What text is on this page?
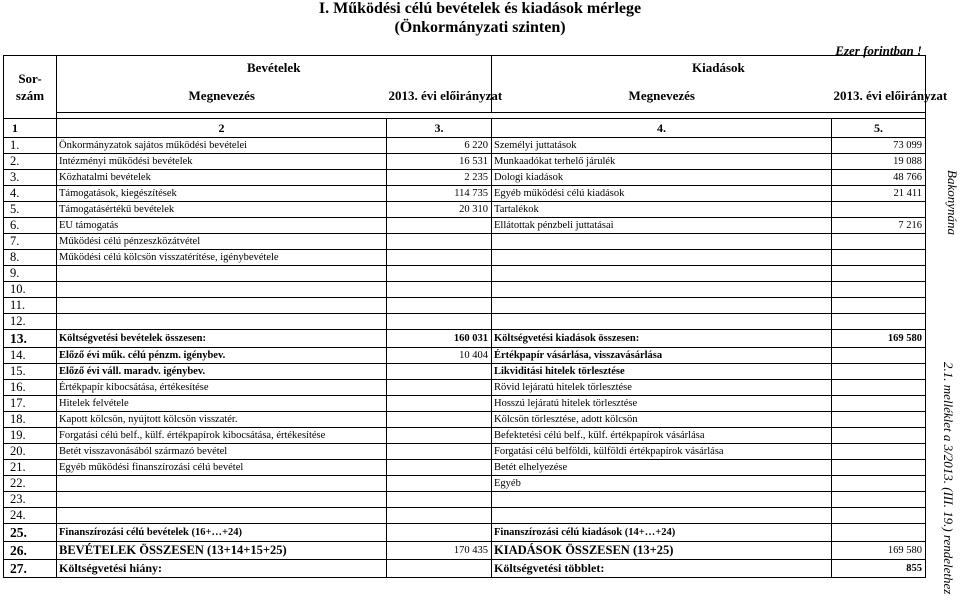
I. Működési célú bevételek és kiadások mérlege
(Önkormányzati szinten)
Ezer forintban !
Bakonynána
2.1. melléklet a 3/2013. (III. 19.) rendelethez
Sor-
szám	Bevételek		Kiadások	
	Megnevezés	2013. évi előirányzat	Megnevezés	2013. évi előirányzat

1	2	3.	4.	5.
1.	Önkormányzatok sajátos működési bevételei	6 220	Személyi juttatások	73 099
2.	Intézményi működési bevételek	16 531	Munkaadókat terhelő járulék	19 088
3.	Közhatalmi bevételek	2 235	Dologi kiadások	48 766
4.	Támogatások, kiegészítések	114 735	Egyéb működési célú kiadások	21 411
5.	Támogatásértékű bevételek	20 310	Tartalékok	
6.	EU támogatás		Ellátottak pénzbeli juttatásai	7 216
7.	Működési célú pénzeszközátvétel			
8.	Működési célú kölcsön visszatérítése, igénybevétele			
9.				
10.				
11.				
12.				
13.	Költségvetési bevételek összesen:	160 031	Költségvetési kiadások összesen:	169 580
14.	Előző évi műk. célú pénzm. igénybev.	10 404	Értékpapír vásárlása, visszavásárlása	
15.	Előző évi váll. maradv. igénybev.		Likviditási hitelek törlesztése	
16.	Értékpapír kibocsátása, értékesítése		Rövid lejáratú hitelek törlesztése	
17.	Hitelek felvétele		Hosszú lejáratú hitelek törlesztése	
18.	Kapott kölcsön, nyújtott kölcsön visszatér.		Kölcsön törlesztése, adott kölcsön	
19.	Forgatási célú belf., külf. értékpapírok kibocsátása, értékesítése		Befektetési célú belf., külf. értékpapírok vásárlása	
20.	Betét visszavonásából származó bevétel		Forgatási célú belföldi, külföldi értékpapírok vásárlása	
21.	Egyéb működési finanszírozási célú bevétel		Betét elhelyezése	
22.			Egyéb	
23.				
24.				
25.	Finanszírozási célú bevételek (16+…+24)		Finanszírozási célú kiadások (14+…+24)	
26.	BEVÉTELEK ÖSSZESEN (13+14+15+25)	170 435	KIADÁSOK ÖSSZESEN (13+25)	169 580
27.	Költségvetési hiány:		Költségvetési többlet:	855
